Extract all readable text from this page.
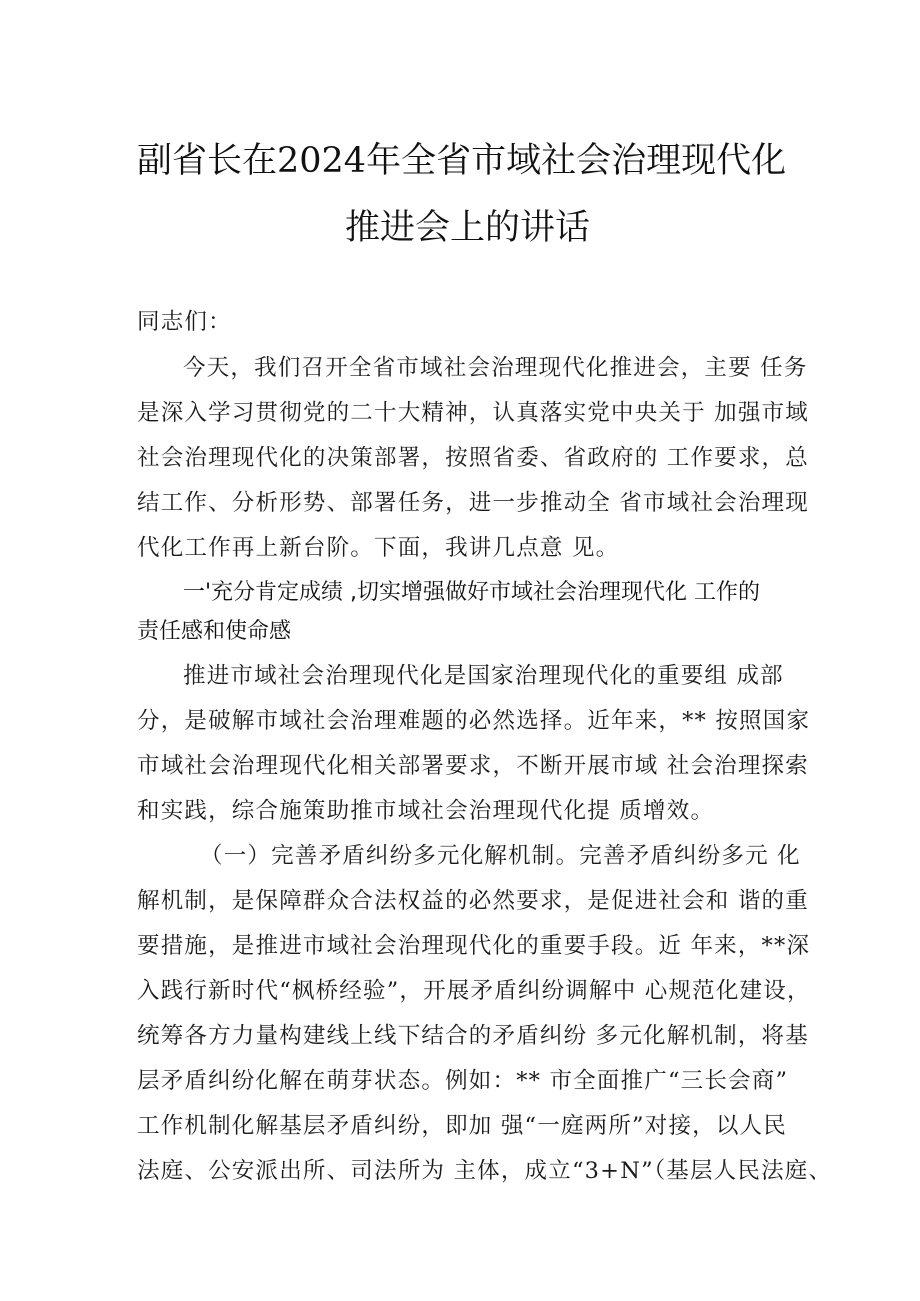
副省长在2024年全省市域社会治理现代化
推进会上的讲话
同志们：
今天，我们召开全省市域社会治理现代化推进会，主要 任务
是深入学习贯彻党的二十大精神，认真落实党中央关于 加强市域
社会治理现代化的决策部署，按照省委、省政府的 工作要求，总
结工作、分析形势、部署任务，进一步推动全 省市域社会治理现
代化工作再上新台阶。下面，我讲几点意 见。
一'充分肯定成绩 ,切实增强做好市域社会治理现代化 工作的
责任感和使命感
推进市域社会治理现代化是国家治理现代化的重要组 成部
分，是破解市域社会治理难题的必然选择。近年来，** 按照国家
市域社会治理现代化相关部署要求，不断开展市域 社会治理探索
和实践，综合施策助推市域社会治理现代化提 质增效。
（一）完善矛盾纠纷多元化解机制。完善矛盾纠纷多元 化
解机制，是保障群众合法权益的必然要求，是促进社会和 谐的重
要措施，是推进市域社会治理现代化的重要手段。近 年来，**深
入践行新时代“枫桥经验”，开展矛盾纠纷调解中 心规范化建设，
统筹各方力量构建线上线下结合的矛盾纠纷 多元化解机制，将基
层矛盾纠纷化解在萌芽状态。例如：** 市全面推广“三长会商”
工作机制化解基层矛盾纠纷，即加 强“一庭两所”对接，以人民
法庭、公安派出所、司法所为 主体，成立“3+N”（基层人民法庭、
